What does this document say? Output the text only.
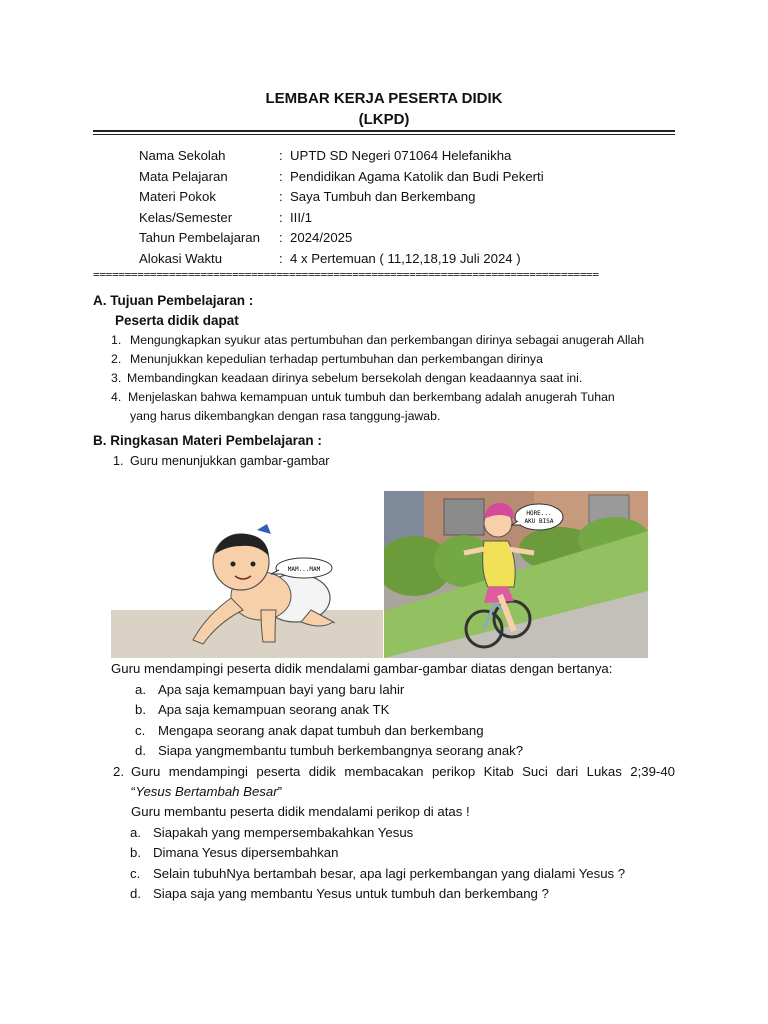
LEMBAR KERJA PESERTA DIDIK
(LKPD)
Nama Sekolah	: UPTD SD Negeri 071064 Helefanikha
Mata Pelajaran	: Pendidikan Agama Katolik dan Budi Pekerti
Materi Pokok	: Saya Tumbuh dan Berkembang
Kelas/Semester	: III/1
Tahun Pembelajaran : 2024/2025
Alokasi Waktu	: 4 x Pertemuan ( 11,12,18,19 Juli 2024 )
================================================================================
A. Tujuan Pembelajaran :
Peserta didik dapat
1. Mengungkapkan syukur atas pertumbuhan dan perkembangan dirinya sebagai anugerah Allah
2. Menunjukkan kepedulian terhadap pertumbuhan dan perkembangan dirinya
3. Membandingkan keadaan dirinya sebelum bersekolah dengan keadaannya saat ini.
4. Menjelaskan bahwa kemampuan untuk tumbuh dan berkembang adalah anugerah Tuhan
yang harus dikembangkan dengan rasa tanggung-jawab.
B. Ringkasan Materi Pembelajaran :
1. Guru menunjukkan gambar-gambar
MAM...MAM
HORE...
AKU BISA
Guru mendampingi peserta didik mendalami gambar-gambar diatas dengan bertanya:
a. Apa saja kemampuan bayi yang baru lahir
b. Apa saja kemampuan seorang anak TK
c. Mengapa seorang anak dapat tumbuh dan berkembang
d. Siapa yangmembantu tumbuh berkembangnya seorang anak?
2. Guru mendampingi peserta didik membacakan perikop Kitab Suci dari Lukas 2;39-40
“Yesus Bertambah Besar”
Guru membantu peserta didik mendalami perikop di atas !
a. Siapakah yang mempersembakahkan Yesus
b. Dimana Yesus dipersembahkan
c. Selain tubuhNya bertambah besar, apa lagi perkembangan yang dialami Yesus ?
d. Siapa saja yang membantu Yesus untuk tumbuh dan berkembang ?
